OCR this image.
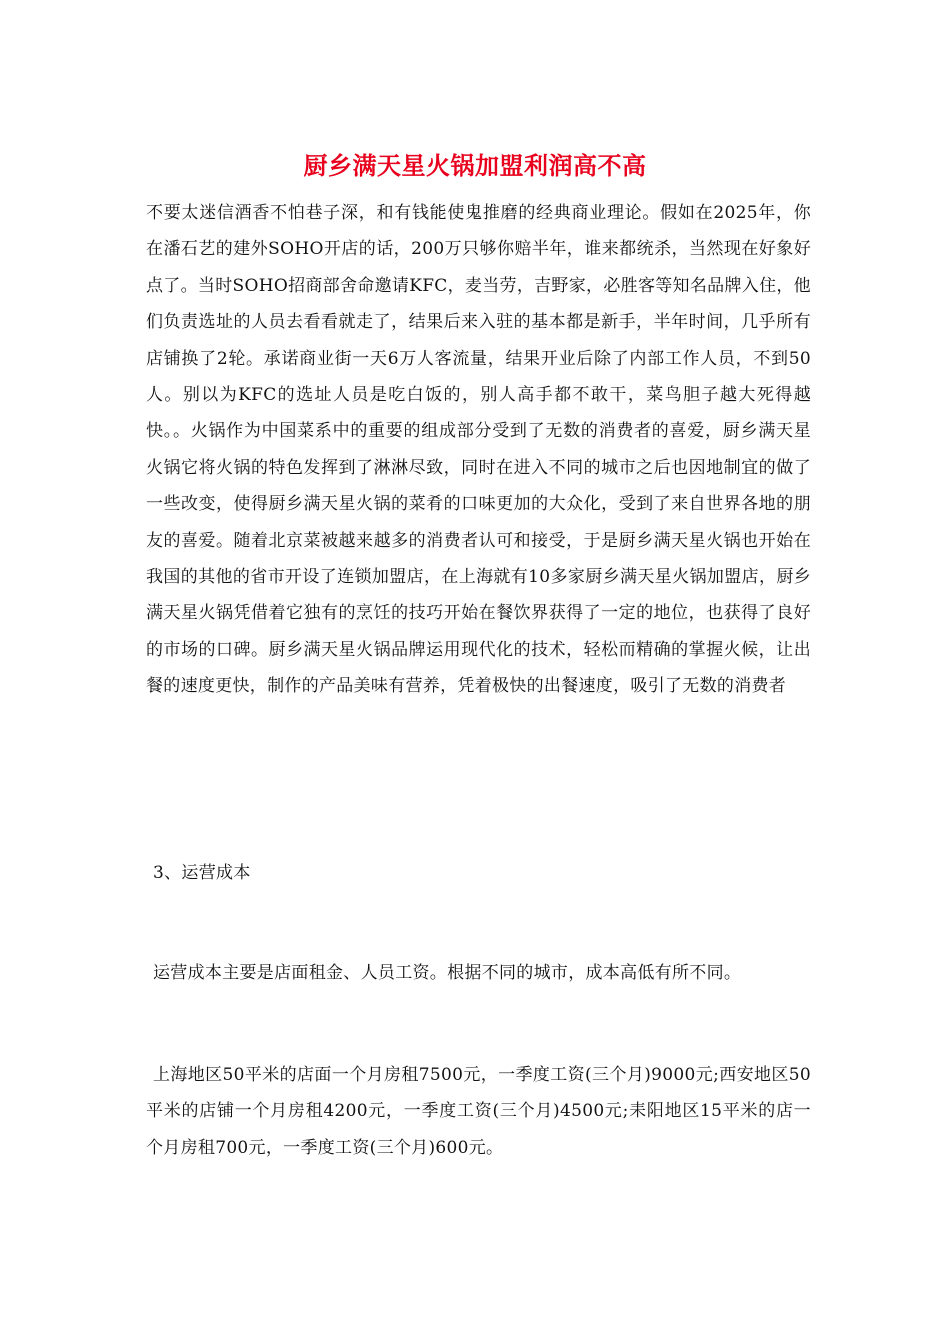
厨乡满天星火锅加盟利润高不高
不要太迷信酒香不怕巷子深，和有钱能使鬼推磨的经典商业理论。假如在2025年，你在潘石艺的建外SOHO开店的话，200万只够你赔半年，谁来都统杀，当然现在好象好点了。当时SOHO招商部舍命邀请KFC，麦当劳，吉野家，必胜客等知名品牌入住，他们负责选址的人员去看看就走了，结果后来入驻的基本都是新手，半年时间，几乎所有店铺换了2轮。承诺商业街一天6万人客流量，结果开业后除了内部工作人员，不到50人。别以为KFC的选址人员是吃白饭的，别人高手都不敢干，菜鸟胆子越大死得越快。。火锅作为中国菜系中的重要的组成部分受到了无数的消费者的喜爱，厨乡满天星火锅它将火锅的特色发挥到了淋淋尽致，同时在进入不同的城市之后也因地制宜的做了一些改变，使得厨乡满天星火锅的菜肴的口味更加的大众化，受到了来自世界各地的朋友的喜爱。随着北京菜被越来越多的消费者认可和接受，于是厨乡满天星火锅也开始在我国的其他的省市开设了连锁加盟店，在上海就有10多家厨乡满天星火锅加盟店，厨乡满天星火锅凭借着它独有的烹饪的技巧开始在餐饮界获得了一定的地位，也获得了良好的市场的口碑。厨乡满天星火锅品牌运用现代化的技术，轻松而精确的掌握火候，让出餐的速度更快，制作的产品美味有营养，凭着极快的出餐速度，吸引了无数的消费者
3、运营成本
运营成本主要是店面租金、人员工资。根据不同的城市，成本高低有所不同。
上海地区50平米的店面一个月房租7500元，一季度工资(三个月)9000元;西安地区50平米的店铺一个月房租4200元，一季度工资(三个月)4500元;耒阳地区15平米的店一个月房租700元，一季度工资(三个月)600元。
